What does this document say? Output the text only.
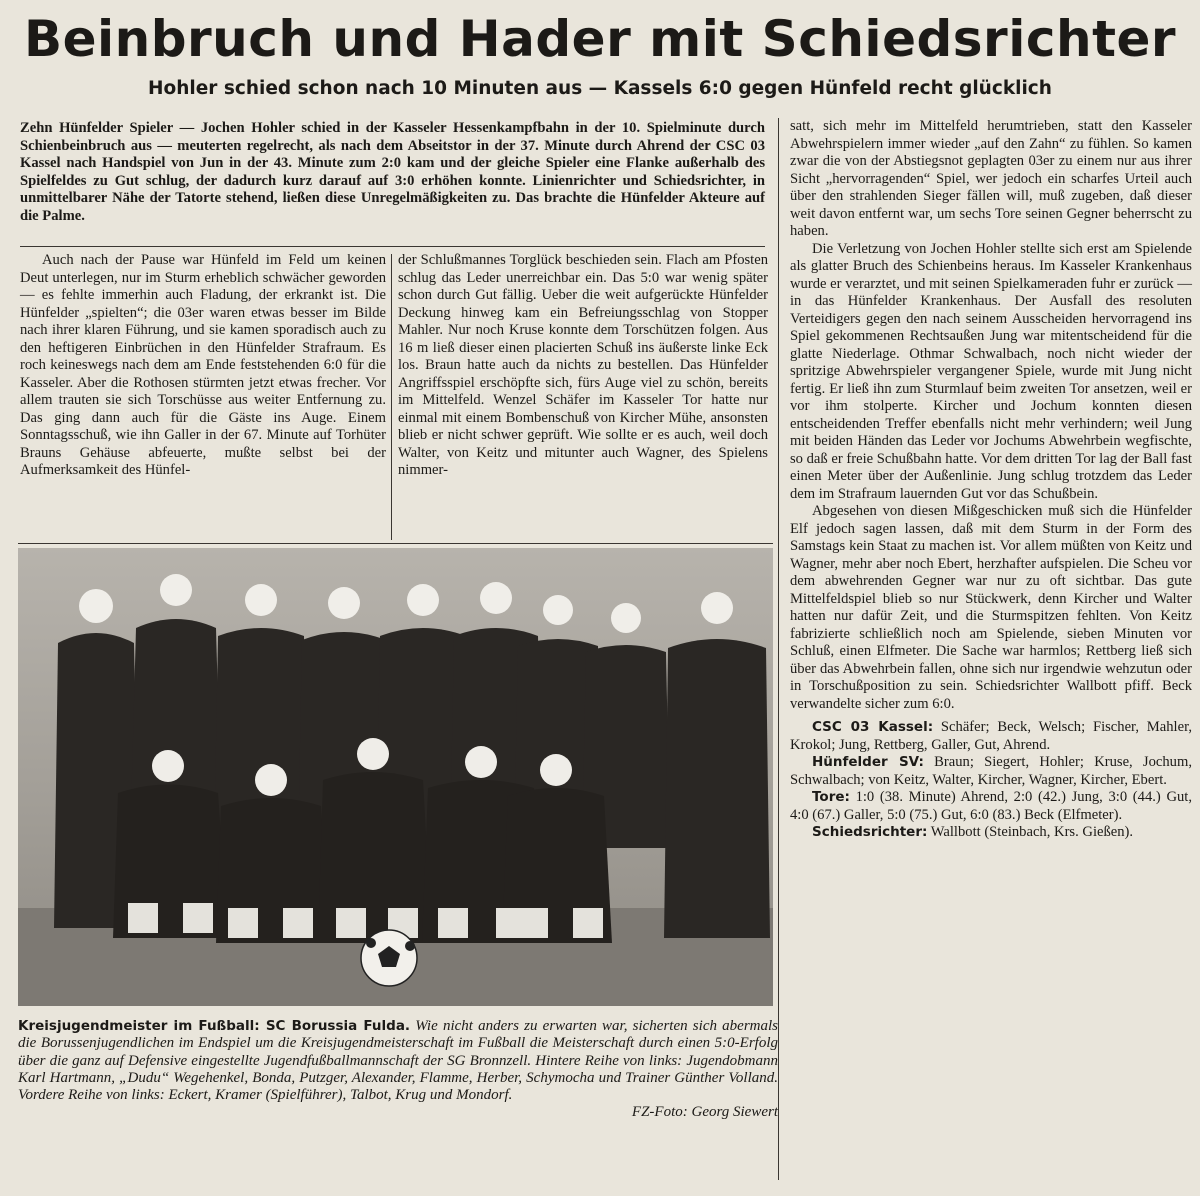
Beinbruch und Hader mit Schiedsrichter
Hohler schied schon nach 10 Minuten aus — Kassels 6:0 gegen Hünfeld recht glücklich

Zehn Hünfelder Spieler — Jochen Hohler schied in der Kasseler Hessenkampfbahn in der 10. Spielminute durch Schienbeinbruch aus — meuterten regelrecht, als nach dem Abseitstor in der 37. Minute durch Ahrend der CSC 03 Kassel nach Handspiel von Jun in der 43. Minute zum 2:0 kam und der gleiche Spieler eine Flanke außerhalb des Spielfeldes zu Gut schlug, der dadurch kurz darauf auf 3:0 erhöhen konnte. Linienrichter und Schiedsrichter, in unmittelbarer Nähe der Tatorte stehend, ließen diese Unregelmäßigkeiten zu. Das brachte die Hünfelder Akteure auf die Palme.

Auch nach der Pause war Hünfeld im Feld um keinen Deut unterlegen, nur im Sturm erheblich schwächer geworden — es fehlte immerhin auch Fladung, der erkrankt ist. Die Hünfelder „spielten“; die 03er waren etwas besser im Bilde nach ihrer klaren Führung, und sie kamen sporadisch auch zu den heftigeren Einbrüchen in den Hünfelder Strafraum. Es roch keineswegs nach dem am Ende feststehenden 6:0 für die Kasseler. Aber die Rothosen stürmten jetzt etwas frecher. Vor allem trauten sie sich Torschüsse aus weiter Entfernung zu. Das ging dann auch für die Gäste ins Auge. Einem Sonntagsschuß, wie ihn Galler in der 67. Minute auf Torhüter Brauns Gehäuse abfeuerte, mußte selbst bei der Aufmerksamkeit des Hünfel-

der Schlußmannes Torglück beschieden sein. Flach am Pfosten schlug das Leder unerreichbar ein. Das 5:0 war wenig später schon durch Gut fällig. Ueber die weit aufgerückte Hünfelder Deckung hinweg kam ein Befreiungsschlag von Stopper Mahler. Nur noch Kruse konnte dem Torschützen folgen. Aus 16 m ließ dieser einen placierten Schuß ins äußerste linke Eck los. Braun hatte auch da nichts zu bestellen. Das Hünfelder Angriffsspiel erschöpfte sich, fürs Auge viel zu schön, bereits im Mittelfeld. Wenzel Schäfer im Kasseler Tor hatte nur einmal mit einem Bombenschuß von Kircher Mühe, ansonsten blieb er nicht schwer geprüft. Wie sollte er es auch, weil doch Walter, von Keitz und mitunter auch Wagner, des Spielens nimmer-

satt, sich mehr im Mittelfeld herumtrieben, statt den Kasseler Abwehrspielern immer wieder „auf den Zahn“ zu fühlen. So kamen zwar die von der Abstiegsnot geplagten 03er zu einem nur aus ihrer Sicht „hervorragenden“ Spiel, wer jedoch ein scharfes Urteil auch über den strahlenden Sieger fällen will, muß zugeben, daß dieser weit davon entfernt war, um sechs Tore seinen Gegner beherrscht zu haben.

Die Verletzung von Jochen Hohler stellte sich erst am Spielende als glatter Bruch des Schienbeins heraus. Im Kasseler Krankenhaus wurde er verarztet, und mit seinen Spielkameraden fuhr er zurück — in das Hünfelder Krankenhaus. Der Ausfall des resoluten Verteidigers gegen den nach seinem Ausscheiden hervorragend ins Spiel gekommenen Rechtsaußen Jung war mitentscheidend für die glatte Niederlage. Othmar Schwalbach, noch nicht wieder der spritzige Abwehrspieler vergangener Spiele, wurde mit Jung nicht fertig. Er ließ ihn zum Sturmlauf beim zweiten Tor ansetzen, weil er vor ihm stolperte. Kircher und Jochum konnten diesen entscheidenden Treffer ebenfalls nicht mehr verhindern; weil Jung mit beiden Händen das Leder vor Jochums Abwehrbein wegfischte, so daß er freie Schußbahn hatte. Vor dem dritten Tor lag der Ball fast einen Meter über der Außenlinie. Jung schlug trotzdem das Leder dem im Strafraum lauernden Gut vor das Schußbein.

Abgesehen von diesen Mißgeschicken muß sich die Hünfelder Elf jedoch sagen lassen, daß mit dem Sturm in der Form des Samstags kein Staat zu machen ist. Vor allem müßten von Keitz und Wagner, mehr aber noch Ebert, herzhafter aufspielen. Die Scheu vor dem abwehrenden Gegner war nur zu oft sichtbar. Das gute Mittelfeldspiel blieb so nur Stückwerk, denn Kircher und Walter hatten nur dafür Zeit, und die Sturmspitzen fehlten. Von Keitz fabrizierte schließlich noch am Spielende, sieben Minuten vor Schluß, einen Elfmeter. Die Sache war harmlos; Rettberg ließ sich über das Abwehrbein fallen, ohne sich nur irgendwie wehzutun oder in Torschußposition zu sein. Schiedsrichter Wallbott pfiff. Beck verwandelte sicher zum 6:0.

CSC 03 Kassel: Schäfer; Beck, Welsch; Fischer, Mahler, Krokol; Jung, Rettberg, Galler, Gut, Ahrend.

Hünfelder SV: Braun; Siegert, Hohler; Kruse, Jochum, Schwalbach; von Keitz, Walter, Kircher, Wagner, Kircher, Ebert.

Tore: 1:0 (38. Minute) Ahrend, 2:0 (42.) Jung, 3:0 (44.) Gut, 4:0 (67.) Galler, 5:0 (75.) Gut, 6:0 (83.) Beck (Elfmeter).

Schiedsrichter: Wallbott (Steinbach, Krs. Gießen).

Kreisjugendmeister im Fußball: SC Borussia Fulda. Wie nicht anders zu erwarten war, sicherten sich abermals die Borussenjugendlichen im Endspiel um die Kreisjugendmeisterschaft im Fußball die Meisterschaft durch einen 5:0-Erfolg über die ganz auf Defensive eingestellte Jugendfußballmannschaft der SG Bronnzell. Hintere Reihe von links: Jugendobmann Karl Hartmann, „Dudu“ Wegehenkel, Bonda, Putzger, Alexander, Flamme, Herber, Schymocha und Trainer Günther Volland. Vordere Reihe von links: Eckert, Kramer (Spielführer), Talbot, Krug und Mondorf.
FZ-Foto: Georg Siewert
